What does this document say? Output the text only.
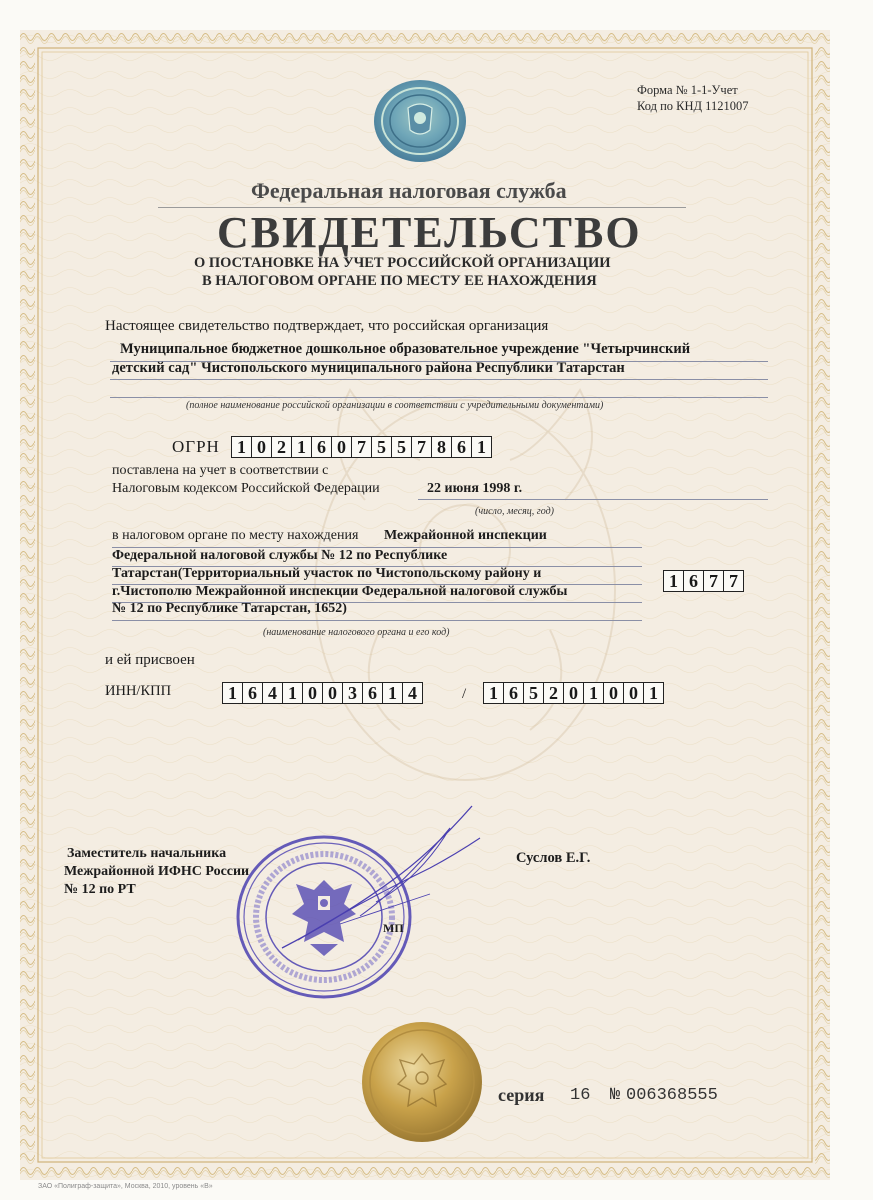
Форма № 1-1-Учет
Код по КНД 1121007
Федеральная налоговая служба
СВИДЕТЕЛЬСТВО
О ПОСТАНОВКЕ НА УЧЕТ РОССИЙСКОЙ ОРГАНИЗАЦИИ
В НАЛОГОВОМ ОРГАНЕ ПО МЕСТУ ЕЕ НАХОЖДЕНИЯ
Настоящее свидетельство подтверждает, что российская организация
Муниципальное бюджетное дошкольное образовательное учреждение "Четырчинский
детский сад" Чистопольского муниципального района Республики Татарстан
(полное наименование российской организации в соответствии с учредительными документами)
ОГРН 1 0 2 1 6 0 7 5 5 7 8 6 1
поставлена на учет в соответствии с
Налоговым кодексом Российской Федерации	22 июня 1998 г.
(число, месяц, год)
в налоговом органе по месту нахождения Межрайонной инспекции
Федеральной налоговой службы № 12 по Республике
Татарстан(Территориальный участок по Чистопольскому району и
г.Чистополю Межрайонной инспекции Федеральной налоговой службы
№ 12 по Республике Татарстан, 1652)
(наименование налогового органа и его код)
1 6 7 7
и ей присвоен
ИНН/КПП	1 6 4 1 0 0 3 6 1 4	/ 1 6 5 2 0 1 0 0 1
Заместитель начальника
Межрайонной ИФНС России
№ 12 по РТ
Суслов Е.Г.
МП
серия 16 № 006368555
ЗАО «Полиграф-защита», Москва, 2010, уровень «В»
